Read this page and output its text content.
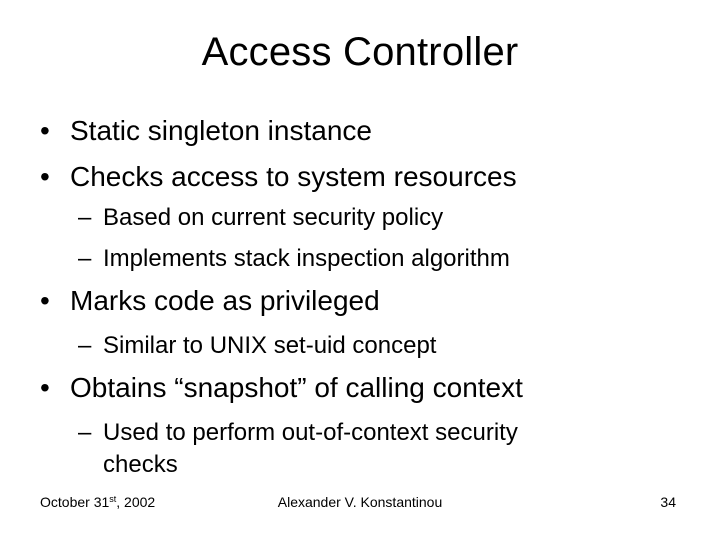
Access Controller
• Static singleton instance
• Checks access to system resources
– Based on current security policy
– Implements stack inspection algorithm
• Marks code as privileged
– Similar to UNIX set-uid concept
• Obtains “snapshot” of calling context
– Used to perform out-of-context security
checks
October 31st, 2002	Alexander V. Konstantinou	34
